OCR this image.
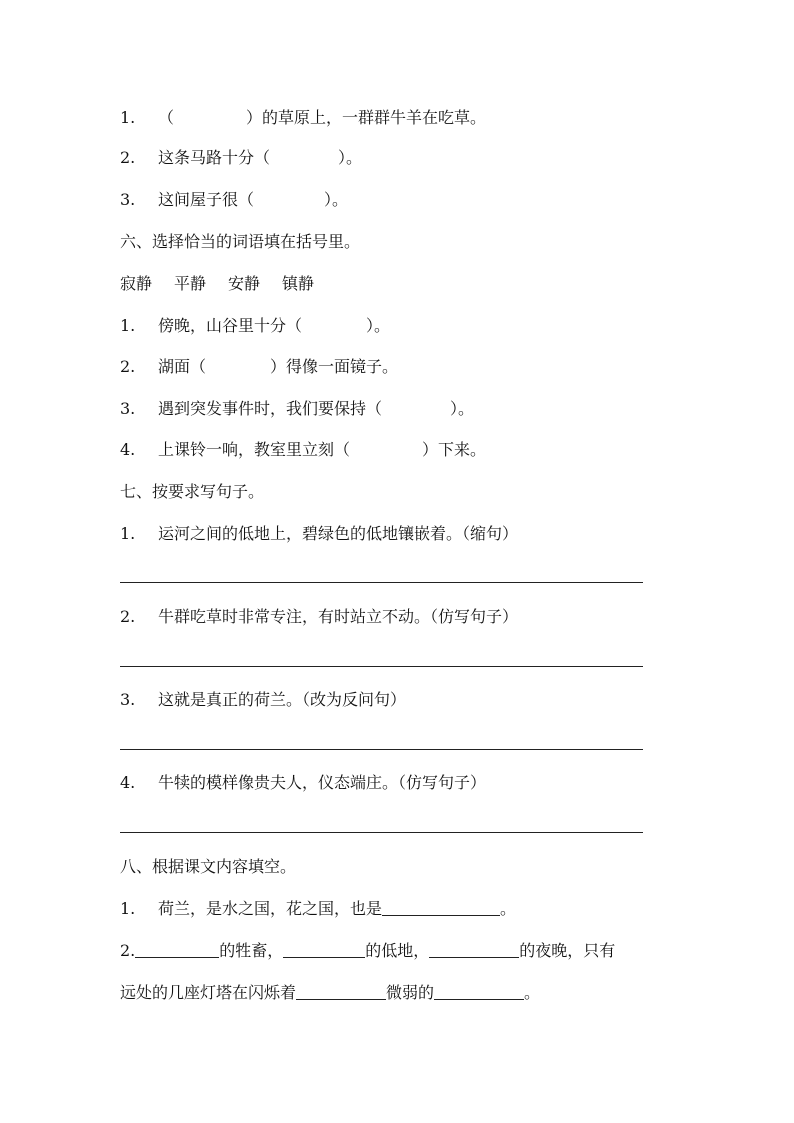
1. （	）的草原上，一群群牛羊在吃草。
2. 这条马路十分（	）。
3. 这间屋子很（	）。
六、选择恰当的词语填在括号里。
寂静 平静 安静 镇静
1. 傍晚，山谷里十分（	）。
2. 湖面（	）得像一面镜子。
3. 遇到突发事件时，我们要保持（	）。
4. 上课铃一响，教室里立刻（	）下来。
七、按要求写句子。
1. 运河之间的低地上，碧绿色的低地镶嵌着。（缩句）
2. 牛群吃草时非常专注，有时站立不动。（仿写句子）
3. 这就是真正的荷兰。（改为反问句）
4. 牛犊的模样像贵夫人，仪态端庄。（仿写句子）
八、根据课文内容填空。
1. 荷兰，是水之国，花之国，也是	。
2.	的牲畜，	的低地，	的夜晚，只有
远处的几座灯塔在闪烁着	微弱的	。
